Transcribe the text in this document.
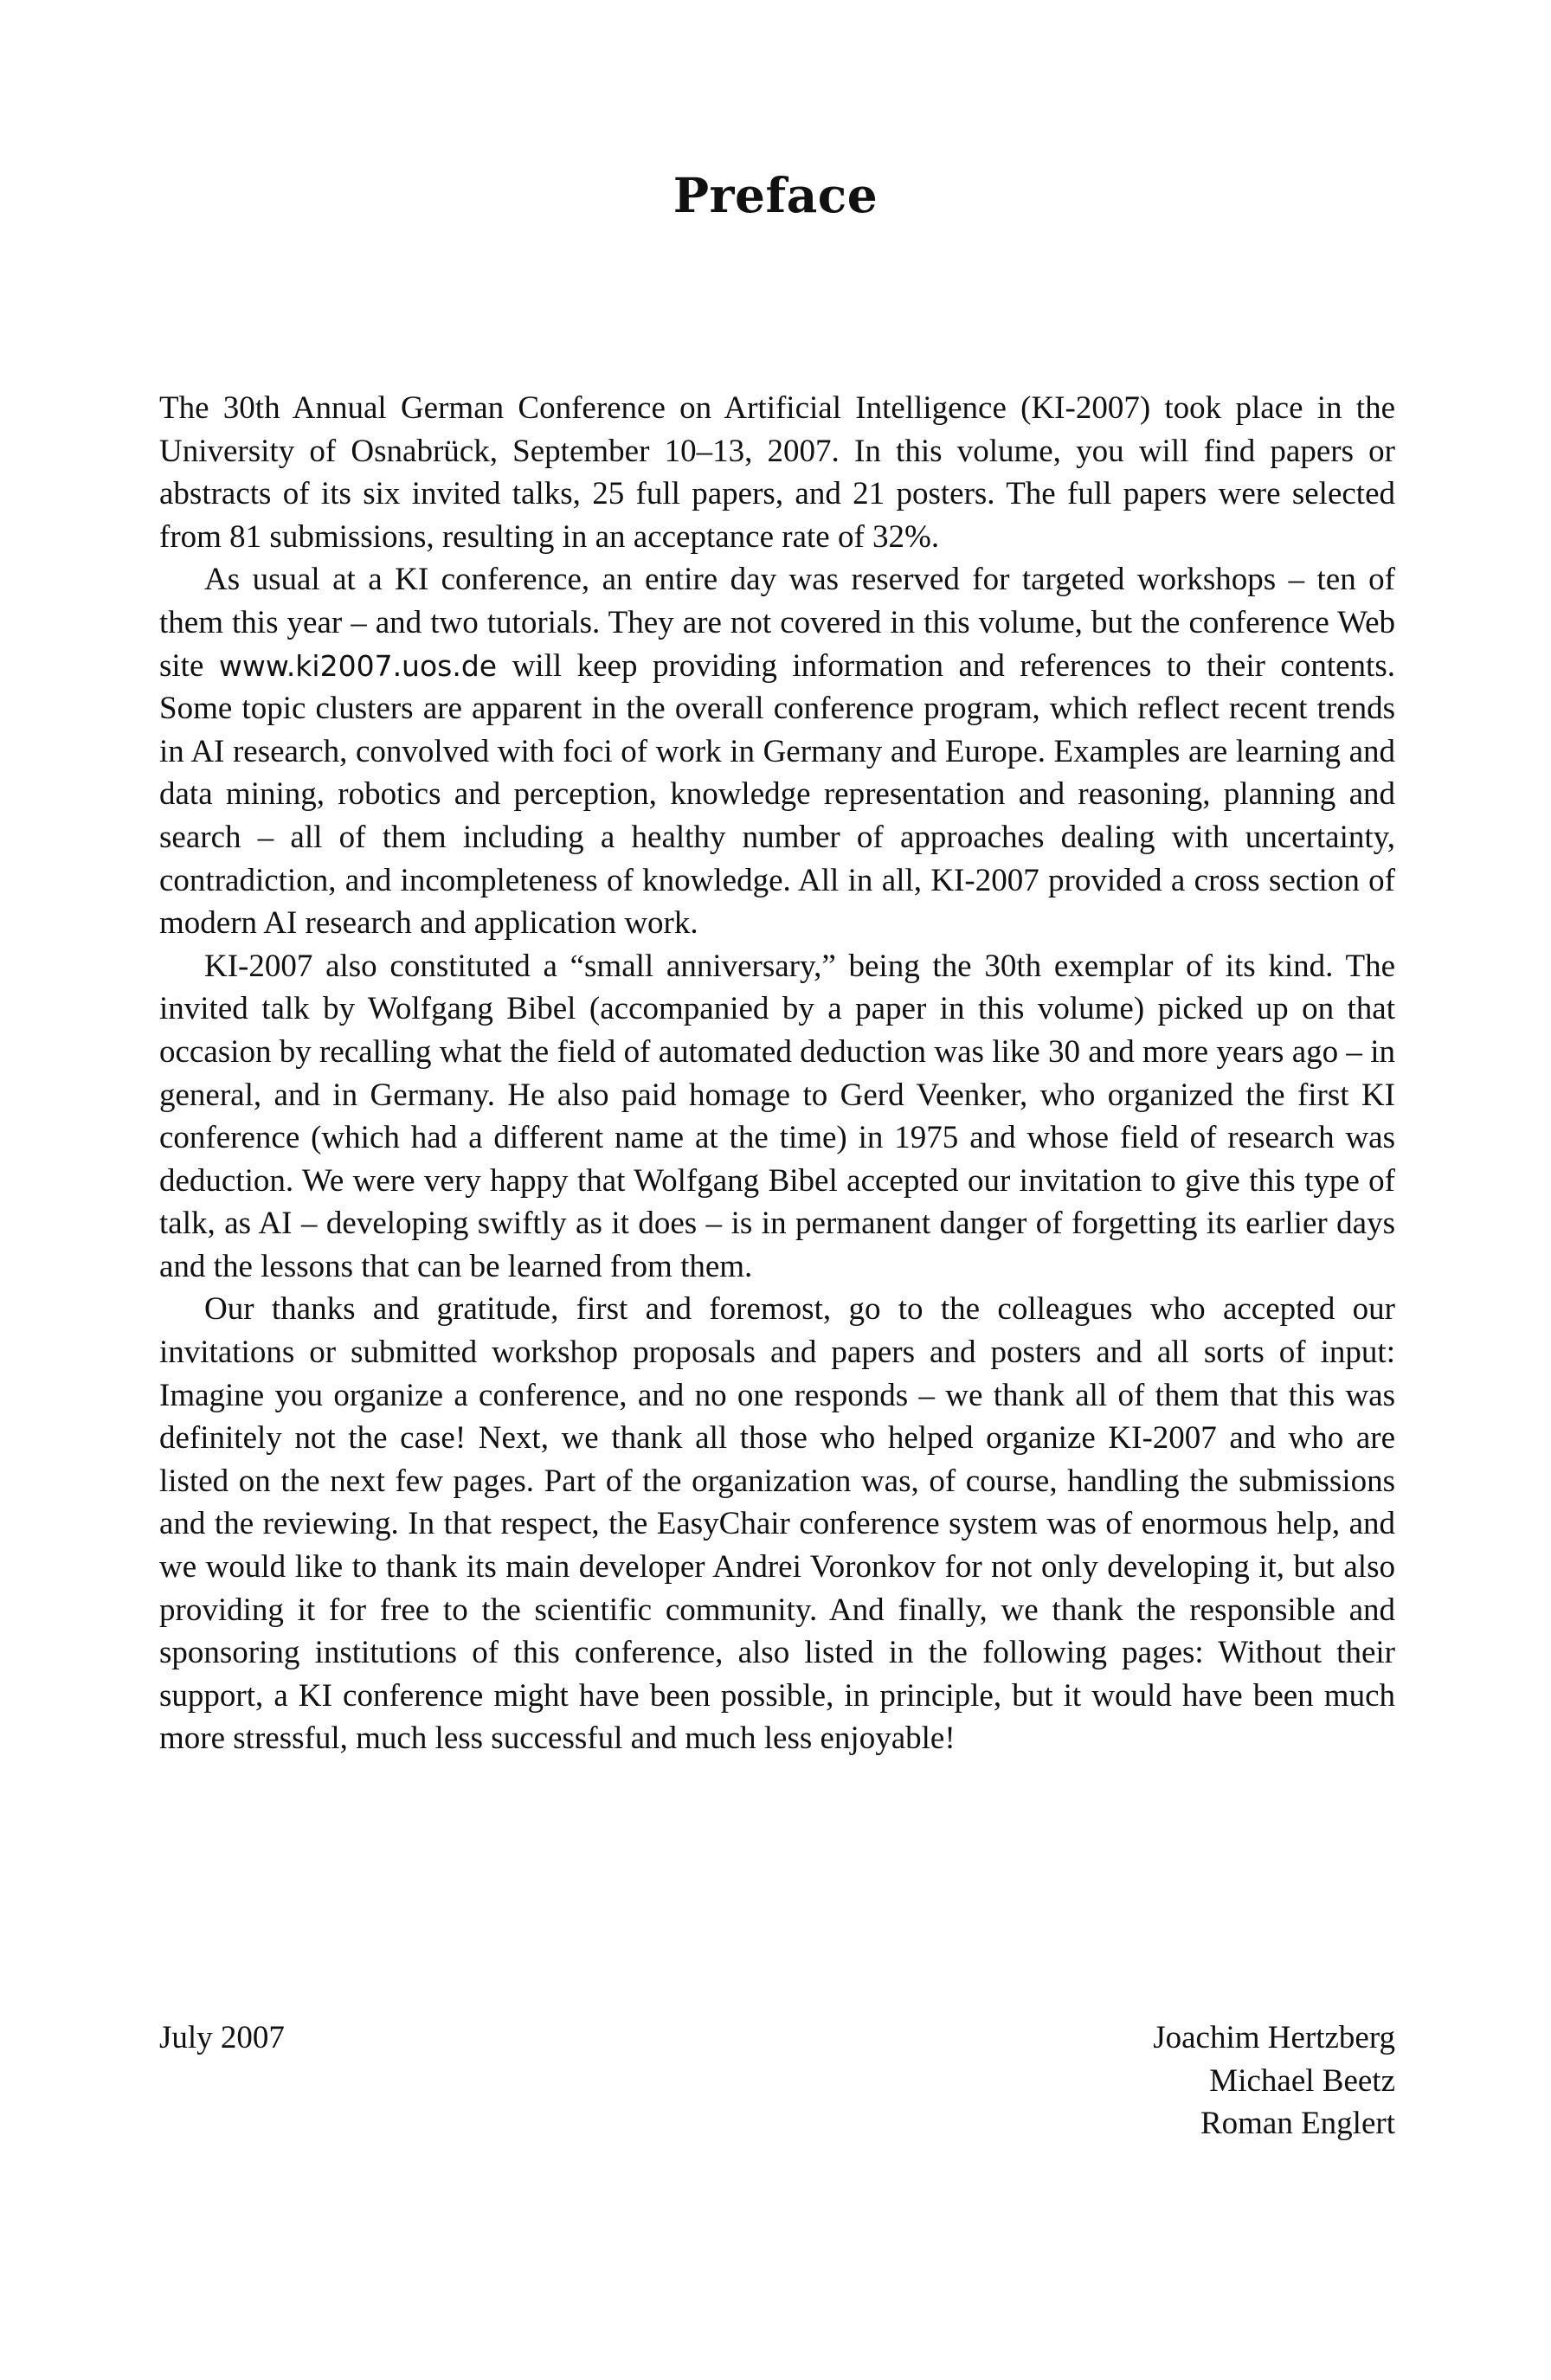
Preface

The 30th Annual German Conference on Artificial Intelligence (KI-2007) took place in the University of Osnabrück, September 10–13, 2007. In this volume, you will find papers or abstracts of its six invited talks, 25 full papers, and 21 posters. The full papers were selected from 81 submissions, resulting in an acceptance rate of 32%.

As usual at a KI conference, an entire day was reserved for targeted workshops – ten of them this year – and two tutorials. They are not covered in this volume, but the conference Web site www.ki2007.uos.de will keep providing information and references to their contents. Some topic clusters are apparent in the overall conference program, which reflect recent trends in AI research, convolved with foci of work in Germany and Europe. Examples are learning and data mining, robotics and perception, knowledge representation and reasoning, planning and search – all of them including a healthy number of approaches dealing with uncertainty, contradiction, and incompleteness of knowledge. All in all, KI-2007 provided a cross section of modern AI research and application work.

KI-2007 also constituted a “small anniversary,” being the 30th exemplar of its kind. The invited talk by Wolfgang Bibel (accompanied by a paper in this volume) picked up on that occasion by recalling what the field of automated deduction was like 30 and more years ago – in general, and in Germany. He also paid homage to Gerd Veenker, who organized the first KI conference (which had a different name at the time) in 1975 and whose field of research was deduction. We were very happy that Wolfgang Bibel accepted our invitation to give this type of talk, as AI – developing swiftly as it does – is in permanent danger of forgetting its earlier days and the lessons that can be learned from them.

Our thanks and gratitude, first and foremost, go to the colleagues who accepted our invitations or submitted workshop proposals and papers and posters and all sorts of input: Imagine you organize a conference, and no one responds – we thank all of them that this was definitely not the case! Next, we thank all those who helped organize KI-2007 and who are listed on the next few pages. Part of the organization was, of course, handling the submissions and the reviewing. In that respect, the EasyChair conference system was of enormous help, and we would like to thank its main developer Andrei Voronkov for not only developing it, but also providing it for free to the scientific community. And finally, we thank the responsible and sponsoring institutions of this conference, also listed in the following pages: Without their support, a KI conference might have been possible, in principle, but it would have been much more stressful, much less successful and much less enjoyable!

July 2007	Joachim Hertzberg
Michael Beetz
Roman Englert
